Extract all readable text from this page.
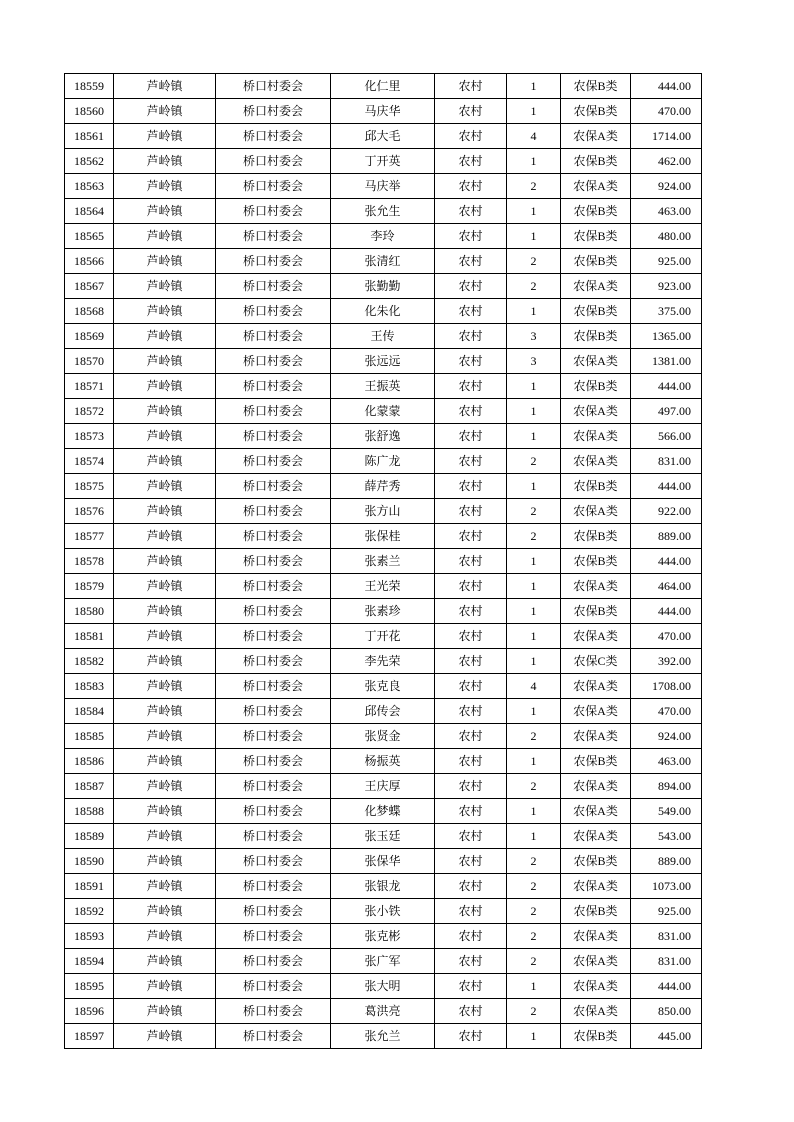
18559	芦岭镇	桥口村委会	化仁里	农村	1	农保B类	444.00
18560	芦岭镇	桥口村委会	马庆华	农村	1	农保B类	470.00
18561	芦岭镇	桥口村委会	邱大毛	农村	4	农保A类	1714.00
18562	芦岭镇	桥口村委会	丁开英	农村	1	农保B类	462.00
18563	芦岭镇	桥口村委会	马庆举	农村	2	农保A类	924.00
18564	芦岭镇	桥口村委会	张允生	农村	1	农保B类	463.00
18565	芦岭镇	桥口村委会	李玲	农村	1	农保B类	480.00
18566	芦岭镇	桥口村委会	张清红	农村	2	农保B类	925.00
18567	芦岭镇	桥口村委会	张勤勤	农村	2	农保A类	923.00
18568	芦岭镇	桥口村委会	化朱化	农村	1	农保B类	375.00
18569	芦岭镇	桥口村委会	王传	农村	3	农保B类	1365.00
18570	芦岭镇	桥口村委会	张远远	农村	3	农保A类	1381.00
18571	芦岭镇	桥口村委会	王振英	农村	1	农保B类	444.00
18572	芦岭镇	桥口村委会	化蒙蒙	农村	1	农保A类	497.00
18573	芦岭镇	桥口村委会	张舒逸	农村	1	农保A类	566.00
18574	芦岭镇	桥口村委会	陈广龙	农村	2	农保A类	831.00
18575	芦岭镇	桥口村委会	薛芹秀	农村	1	农保B类	444.00
18576	芦岭镇	桥口村委会	张方山	农村	2	农保A类	922.00
18577	芦岭镇	桥口村委会	张保桂	农村	2	农保B类	889.00
18578	芦岭镇	桥口村委会	张素兰	农村	1	农保B类	444.00
18579	芦岭镇	桥口村委会	王光荣	农村	1	农保A类	464.00
18580	芦岭镇	桥口村委会	张素珍	农村	1	农保B类	444.00
18581	芦岭镇	桥口村委会	丁开花	农村	1	农保A类	470.00
18582	芦岭镇	桥口村委会	李先荣	农村	1	农保C类	392.00
18583	芦岭镇	桥口村委会	张克良	农村	4	农保A类	1708.00
18584	芦岭镇	桥口村委会	邱传会	农村	1	农保A类	470.00
18585	芦岭镇	桥口村委会	张贤金	农村	2	农保A类	924.00
18586	芦岭镇	桥口村委会	杨振英	农村	1	农保B类	463.00
18587	芦岭镇	桥口村委会	王庆厚	农村	2	农保A类	894.00
18588	芦岭镇	桥口村委会	化梦蝶	农村	1	农保A类	549.00
18589	芦岭镇	桥口村委会	张玉廷	农村	1	农保A类	543.00
18590	芦岭镇	桥口村委会	张保华	农村	2	农保B类	889.00
18591	芦岭镇	桥口村委会	张银龙	农村	2	农保A类	1073.00
18592	芦岭镇	桥口村委会	张小铁	农村	2	农保B类	925.00
18593	芦岭镇	桥口村委会	张克彬	农村	2	农保A类	831.00
18594	芦岭镇	桥口村委会	张广军	农村	2	农保A类	831.00
18595	芦岭镇	桥口村委会	张大明	农村	1	农保A类	444.00
18596	芦岭镇	桥口村委会	葛洪亮	农村	2	农保A类	850.00
18597	芦岭镇	桥口村委会	张允兰	农村	1	农保B类	445.00
